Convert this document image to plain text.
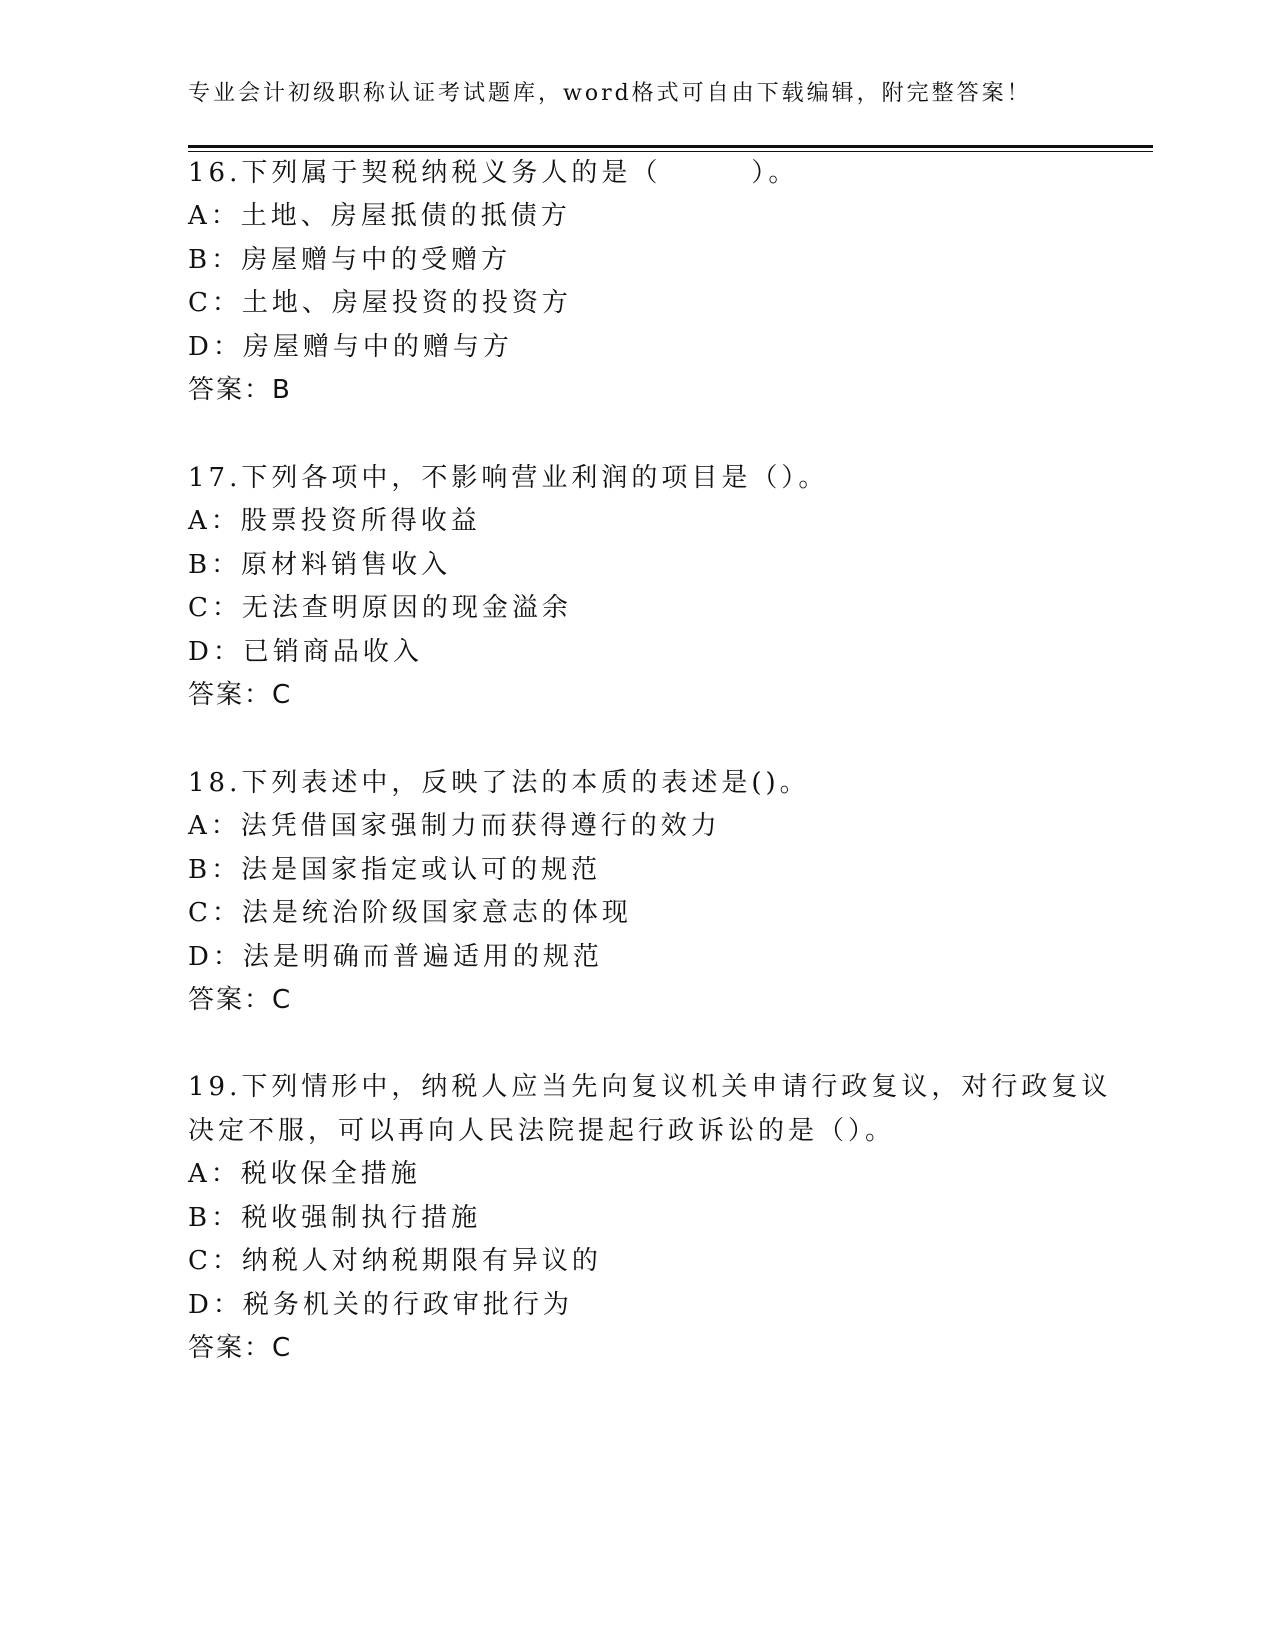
专业会计初级职称认证考试题库，word格式可自由下载编辑，附完整答案！
16.下列属于契税纳税义务人的是（　　　）。
A：土地、房屋抵债的抵债方
B：房屋赠与中的受赠方
C：土地、房屋投资的投资方
D：房屋赠与中的赠与方
答案：B
17.下列各项中，不影响营业利润的项目是（）。
A：股票投资所得收益
B：原材料销售收入
C：无法查明原因的现金溢余
D：已销商品收入
答案：C
18.下列表述中，反映了法的本质的表述是()。
A：法凭借国家强制力而获得遵行的效力
B：法是国家指定或认可的规范
C：法是统治阶级国家意志的体现
D：法是明确而普遍适用的规范
答案：C
19.下列情形中，纳税人应当先向复议机关申请行政复议，对行政复议
决定不服，可以再向人民法院提起行政诉讼的是（）。
A：税收保全措施
B：税收强制执行措施
C：纳税人对纳税期限有异议的
D：税务机关的行政审批行为
答案：C
